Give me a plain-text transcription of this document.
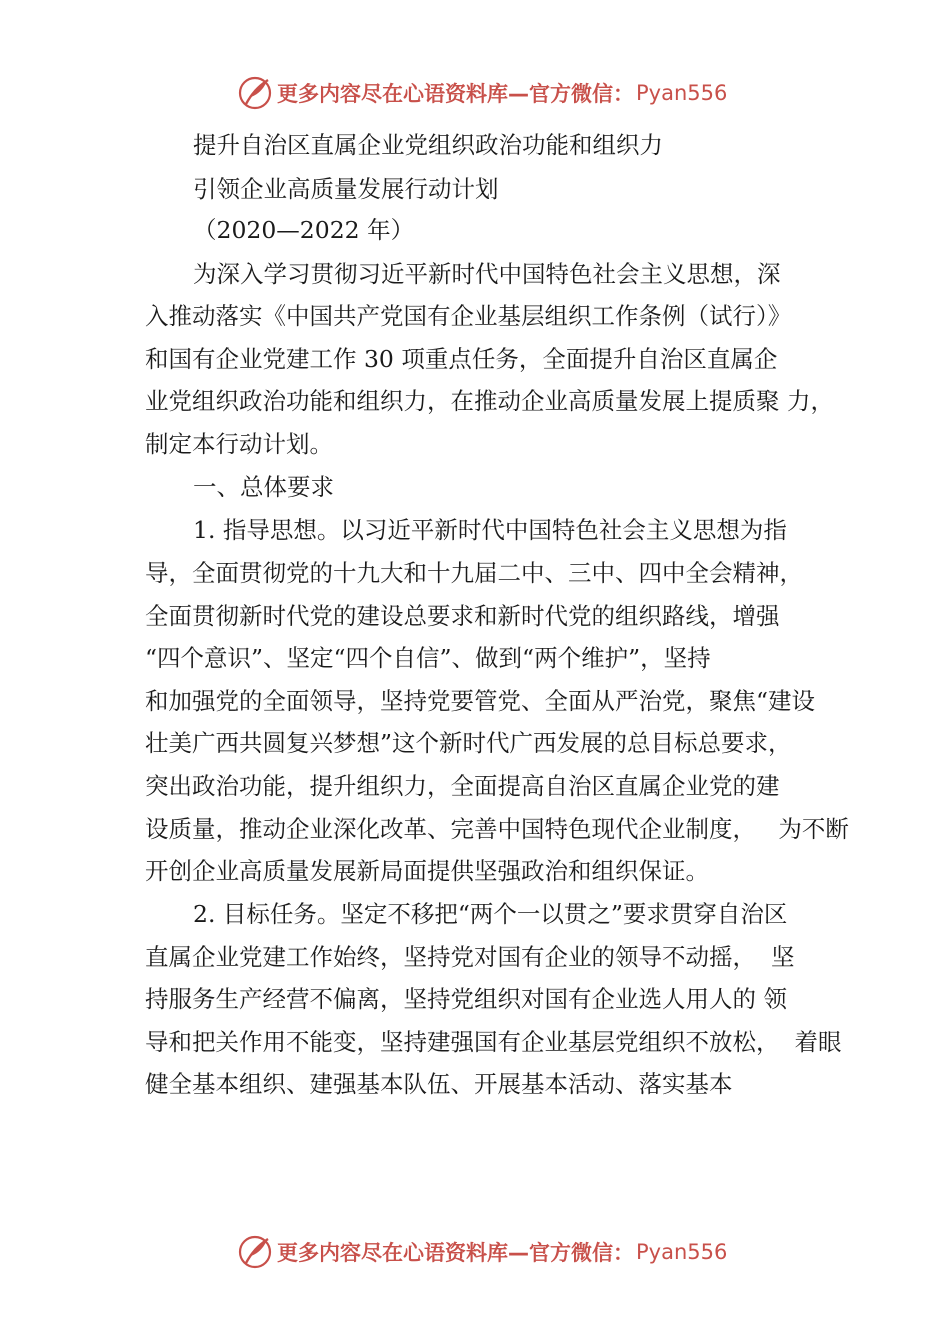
更多内容尽在心语资料库—官方微信： Pyan556
提升自治区直属企业党组织政治功能和组织力
引领企业高质量发展行动计划
（2020—2022 年）
为深入学习贯彻习近平新时代中国特色社会主义思想，深
入推动落实《中国共产党国有企业基层组织工作条例（试行）》
和国有企业党建工作 30 项重点任务，全面提升自治区直属企
业党组织政治功能和组织力，在推动企业高质量发展上提质聚 力，
制定本行动计划。
一、总体要求
1. 指导思想。以习近平新时代中国特色社会主义思想为指
导，全面贯彻党的十九大和十九届二中、三中、四中全会精神，
全面贯彻新时代党的建设总要求和新时代党的组织路线，增强
“四个意识”、坚定“四个自信”、做到“两个维护”，坚持
和加强党的全面领导，坚持党要管党、全面从严治党，聚焦“建设
壮美广西共圆复兴梦想”这个新时代广西发展的总目标总要求，
突出政治功能，提升组织力，全面提高自治区直属企业党的建
设质量，推动企业深化改革、完善中国特色现代企业制度，   为不断
开创企业高质量发展新局面提供坚强政治和组织保证。
2. 目标任务。坚定不移把“两个一以贯之”要求贯穿自治区
直属企业党建工作始终，坚持党对国有企业的领导不动摇，  坚
持服务生产经营不偏离，坚持党组织对国有企业选人用人的 领
导和把关作用不能变，坚持建强国有企业基层党组织不放松，  着眼
健全基本组织、建强基本队伍、开展基本活动、落实基本
更多内容尽在心语资料库—官方微信： Pyan556
